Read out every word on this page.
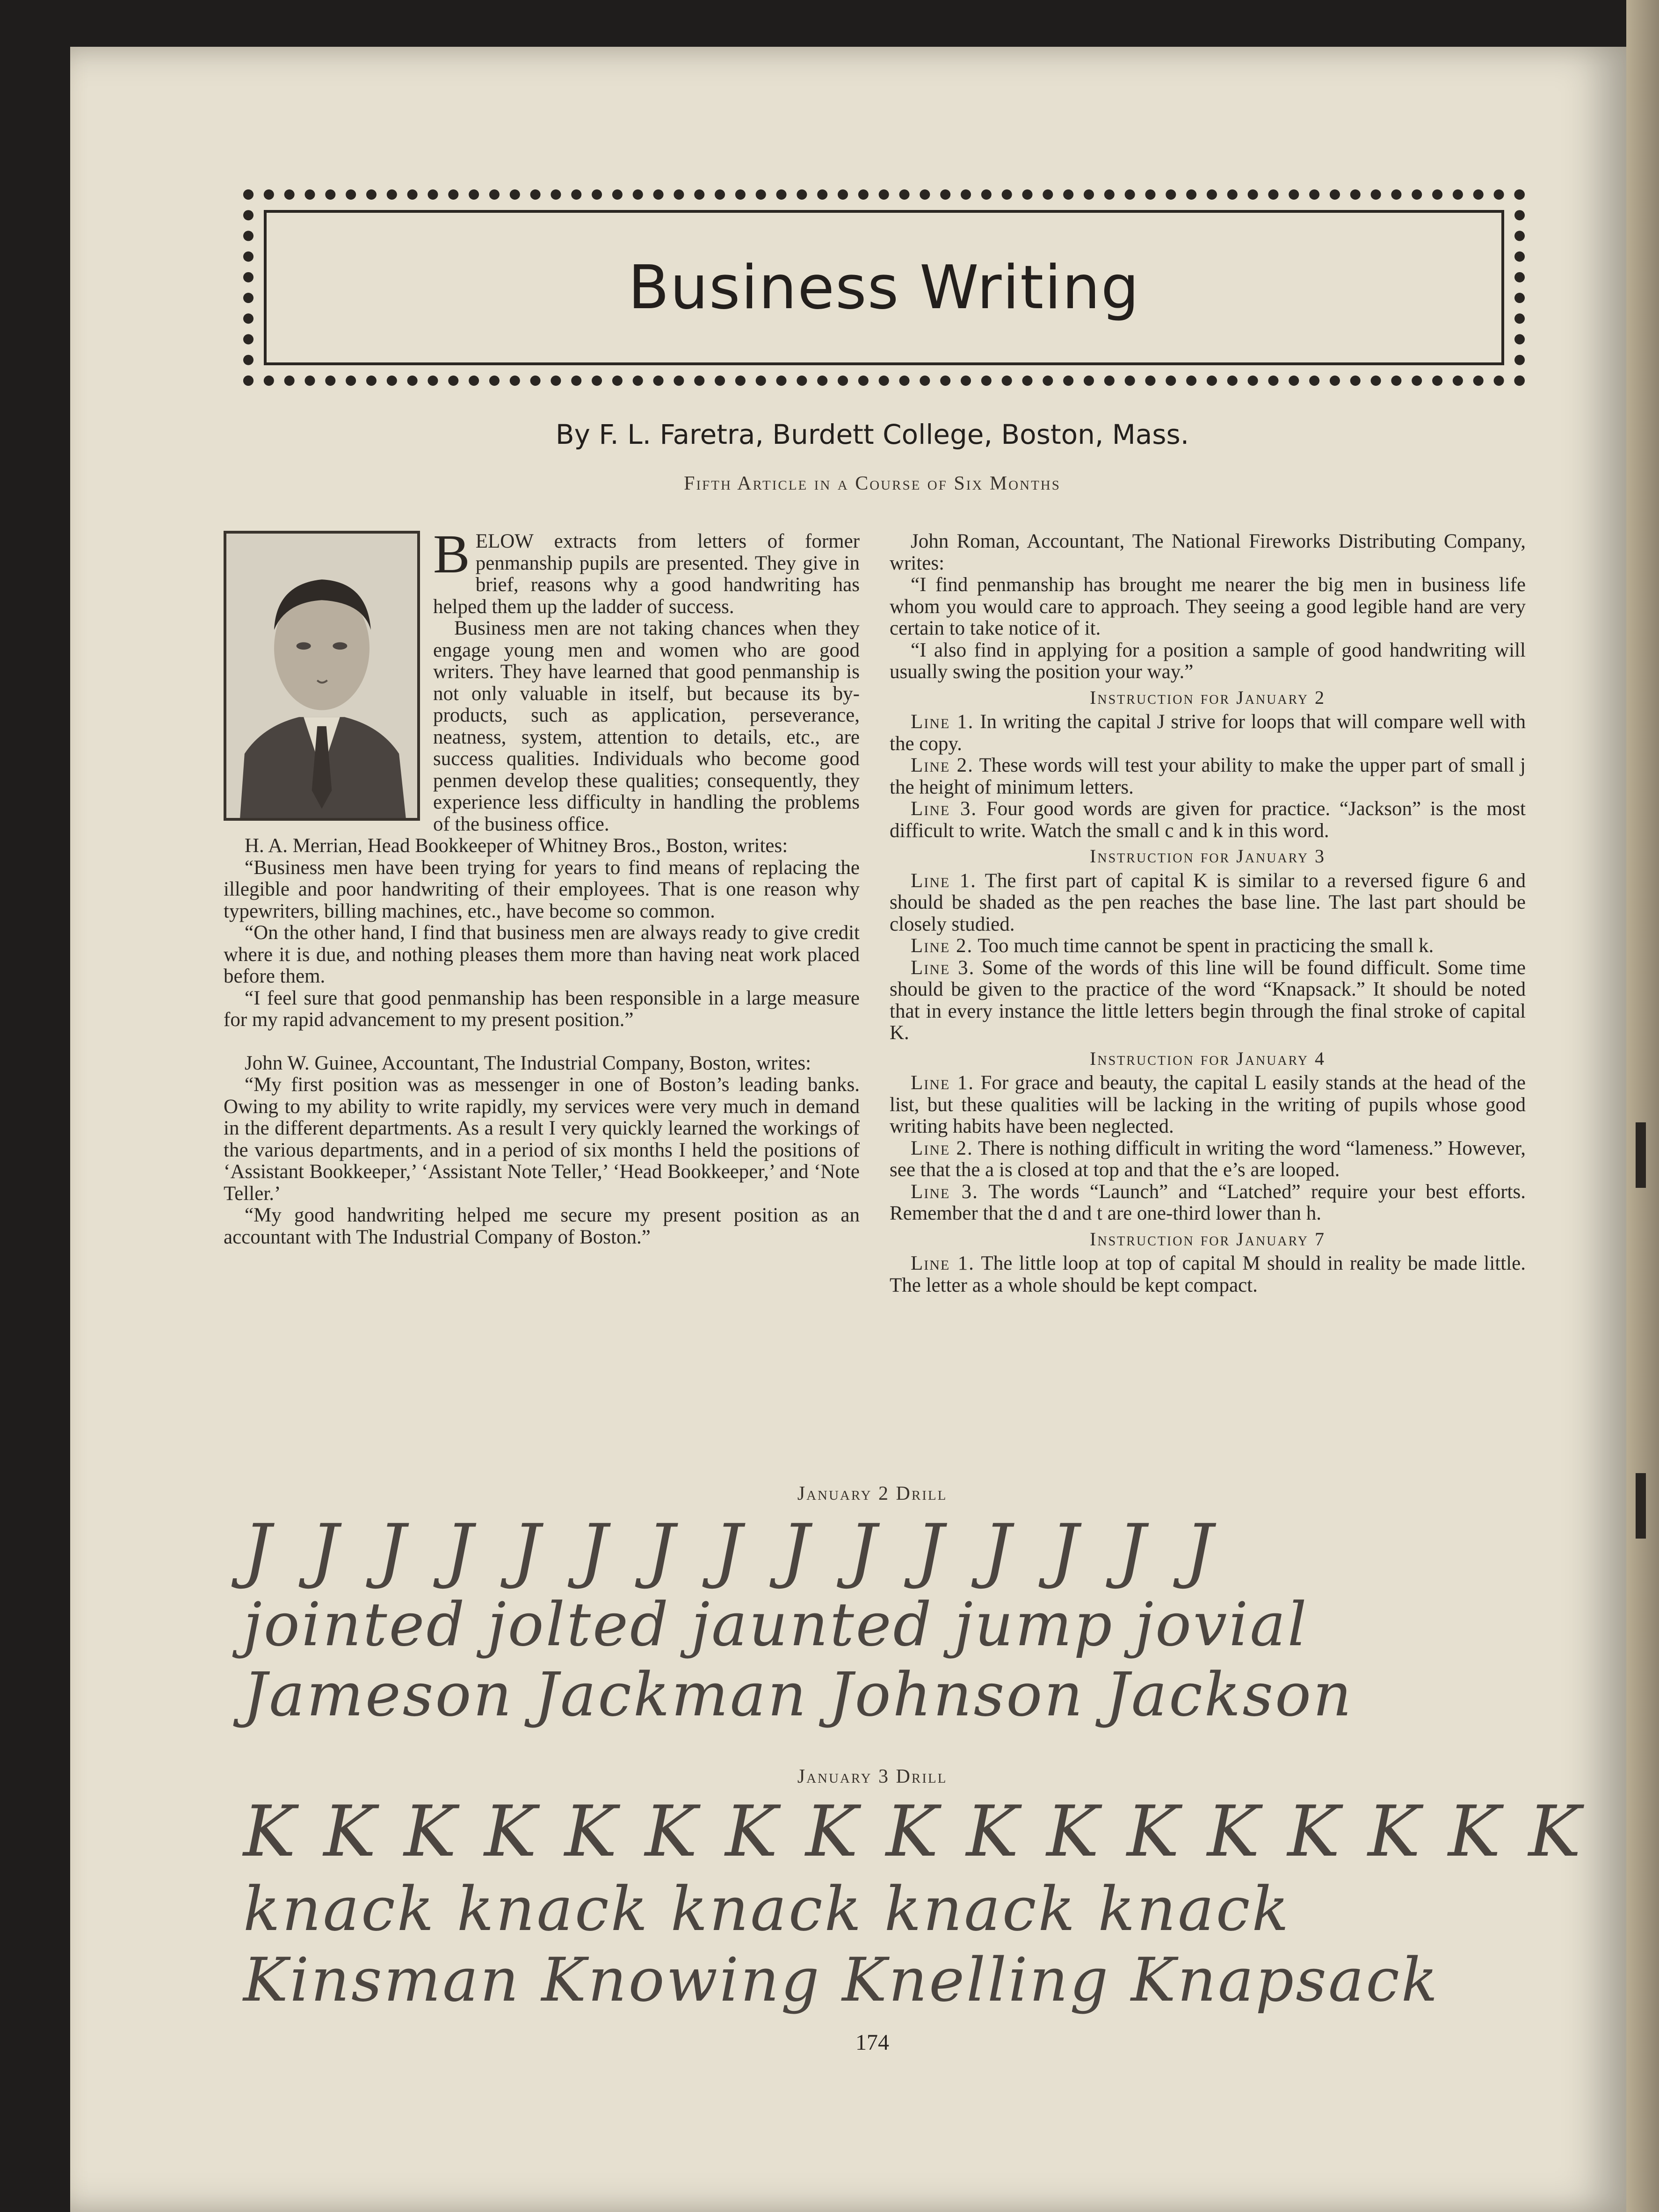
Business Writing
By F. L. Faretra, Burdett College, Boston, Mass.
Fifth Article in a Course of Six Months
B ELOW extracts from letters of former penmanship pupils are presented. They give in brief, reasons why a good handwriting has helped them up the ladder of success.

Business men are not taking chances when they engage young men and women who are good writers. They have learned that good penmanship is not only valuable in itself, but because its by-products, such as application, perseverance, neatness, system, attention to details, etc., are success qualities. Individuals who become good penmen develop these qualities; consequently, they experience less difficulty in handling the problems of the business office.

H. A. Merrian, Head Bookkeeper of Whitney Bros., Boston, writes:

“Business men have been trying for years to find means of replacing the illegible and poor handwriting of their employees. That is one reason why typewriters, billing machines, etc., have become so common.

“On the other hand, I find that business men are always ready to give credit where it is due, and nothing pleases them more than having neat work placed before them.

“I feel sure that good penmanship has been responsible in a large measure for my rapid advancement to my present position.”

John W. Guinee, Accountant, The Industrial Company, Boston, writes:

“My first position was as messenger in one of Boston’s leading banks. Owing to my ability to write rapidly, my services were very much in demand in the different departments. As a result I very quickly learned the workings of the various departments, and in a period of six months I held the positions of ‘Assistant Bookkeeper,’ ‘Assistant Note Teller,’ ‘Head Bookkeeper,’ and ‘Note Teller.’

“My good handwriting helped me secure my present position as an accountant with The Industrial Company of Boston.”

John Roman, Accountant, The National Fireworks Distributing Company, writes:

“I find penmanship has brought me nearer the big men in business life whom you would care to approach. They seeing a good legible hand are very certain to take notice of it.

“I also find in applying for a position a sample of good handwriting will usually swing the position your way.”

Instruction for January 2

Line 1. In writing the capital J strive for loops that will compare well with the copy.

Line 2. These words will test your ability to make the upper part of small j the height of minimum letters.

Line 3. Four good words are given for practice. “Jackson” is the most difficult to write. Watch the small c and k in this word.

Instruction for January 3

Line 1. The first part of capital K is similar to a reversed figure 6 and should be shaded as the pen reaches the base line. The last part should be closely studied.

Line 2. Too much time cannot be spent in practicing the small k.

Line 3. Some of the words of this line will be found difficult. Some time should be given to the practice of the word “Knapsack.” It should be noted that in every instance the little letters begin through the final stroke of capital K.

Instruction for January 4

Line 1. For grace and beauty, the capital L easily stands at the head of the list, but these qualities will be lacking in the writing of pupils whose good writing habits have been neglected.

Line 2. There is nothing difficult in writing the word “lameness.” However, see that the a is closed at top and that the e’s are looped.

Line 3. The words “Launch” and “Latched” require your best efforts. Remember that the d and t are one-third lower than h.

Instruction for January 7

Line 1. The little loop at top of capital M should in reality be made little. The letter as a whole should be kept compact.

January 2 Drill
J J J J J J J J J J J J J J J
jointed jolted jaunted jump jovial
Jameson Jackman Johnson Jackson
January 3 Drill
K K K K K K K K K K K K K K K K K
knack knack knack knack knack
Kinsman Knowing Knelling Knapsack
174
